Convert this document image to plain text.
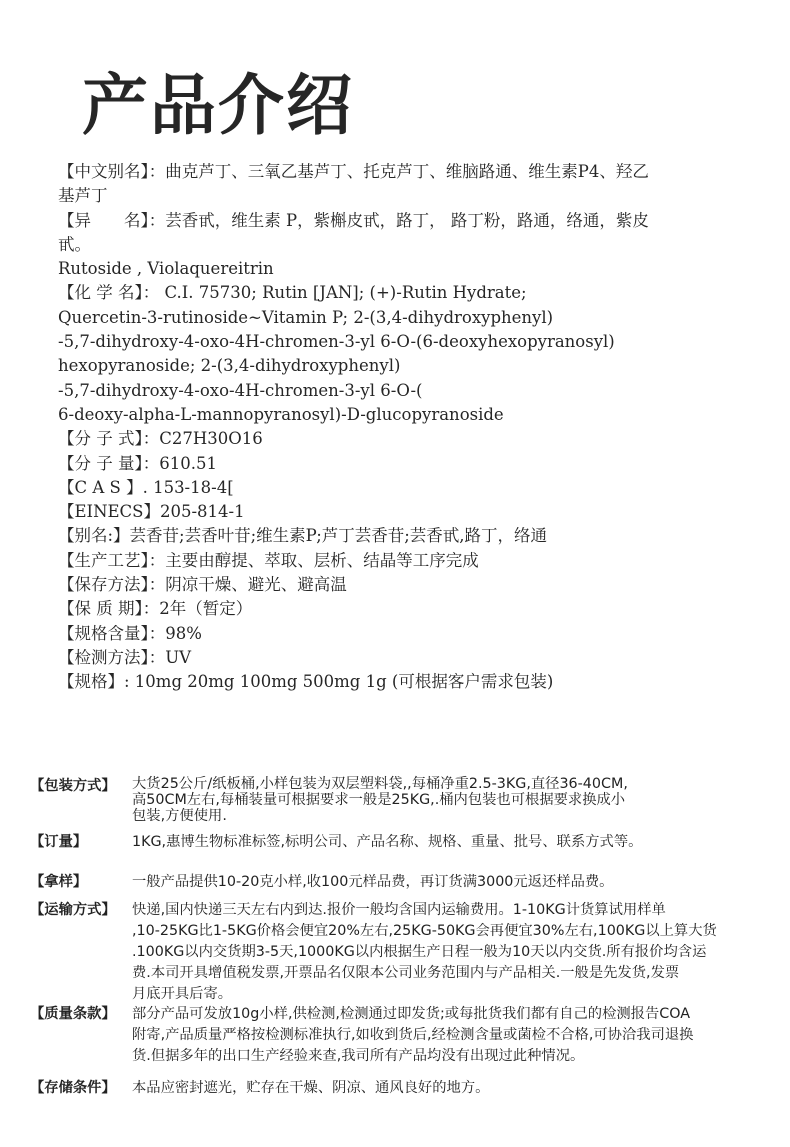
产品介绍
【中文别名】：曲克芦丁、三氧乙基芦丁、托克芦丁、维脑路通、维生素P4、羟乙
基芦丁
【异　　名】：芸香甙，维生素 P，紫槲皮甙，路丁， 路丁粉，路通，络通，紫皮
甙。
Rutoside , Violaquereitrin
【化 学 名】： C.I. 75730; Rutin [JAN]; (+)-Rutin Hydrate;
Quercetin-3-rutinoside~Vitamin P; 2-(3,4-dihydroxyphenyl)
-5,7-dihydroxy-4-oxo-4H-chromen-3-yl 6-O-(6-deoxyhexopyranosyl)
hexopyranoside; 2-(3,4-dihydroxyphenyl)
-5,7-dihydroxy-4-oxo-4H-chromen-3-yl 6-O-(
6-deoxy-alpha-L-mannopyranosyl)-D-glucopyranoside
【分 子 式】：C27H30O16
【分 子 量】：610.51
【C A S 】. 153-18-4[
【EINECS】205-814-1
【别名:】芸香苷;芸香叶苷;维生素P;芦丁芸香苷;芸香甙,路丁，络通
【生产工艺】：主要由醇提、萃取、层析、结晶等工序完成
【保存方法】：阴凉干燥、避光、避高温
【保 质 期】：2年（暂定）
【规格含量】：98%
【检测方法】：UV
【规格】: 10mg 20mg 100mg 500mg 1g (可根据客户需求包装)
【包装方式】	大货25公斤/纸板桶,小样包装为双层塑料袋,,每桶净重2.5-3KG,直径36-40CM,
高50CM左右,每桶装量可根据要求一般是25KG,.桶内包装也可根据要求换成小
包装,方便使用.
【订量】	1KG,惠博生物标准标签,标明公司、产品名称、规格、重量、批号、联系方式等。
【拿样】	一般产品提供10-20克小样,收100元样品费，再订货满3000元返还样品费。
【运输方式】	快递,国内快递三天左右内到达.报价一般均含国内运输费用。1-10KG计货算试用样单
,10-25KG比1-5KG价格会便宜20%左右,25KG-50KG会再便宜30%左右,100KG以上算大货
.100KG以内交货期3-5天,1000KG以内根据生产日程一般为10天以内交货.所有报价均含运
费.本司开具增值税发票,开票品名仅限本公司业务范围内与产品相关.一般是先发货,发票
月底开具后寄。
【质量条款】	部分产品可发放10g小样,供检测,检测通过即发货;或每批货我们都有自己的检测报告COA
附寄,产品质量严格按检测标准执行,如收到货后,经检测含量或菌检不合格,可协洽我司退换
货.但据多年的出口生产经验来查,我司所有产品均没有出现过此种情况。
【存储条件】	本品应密封遮光，贮存在干燥、阴凉、通风良好的地方。
